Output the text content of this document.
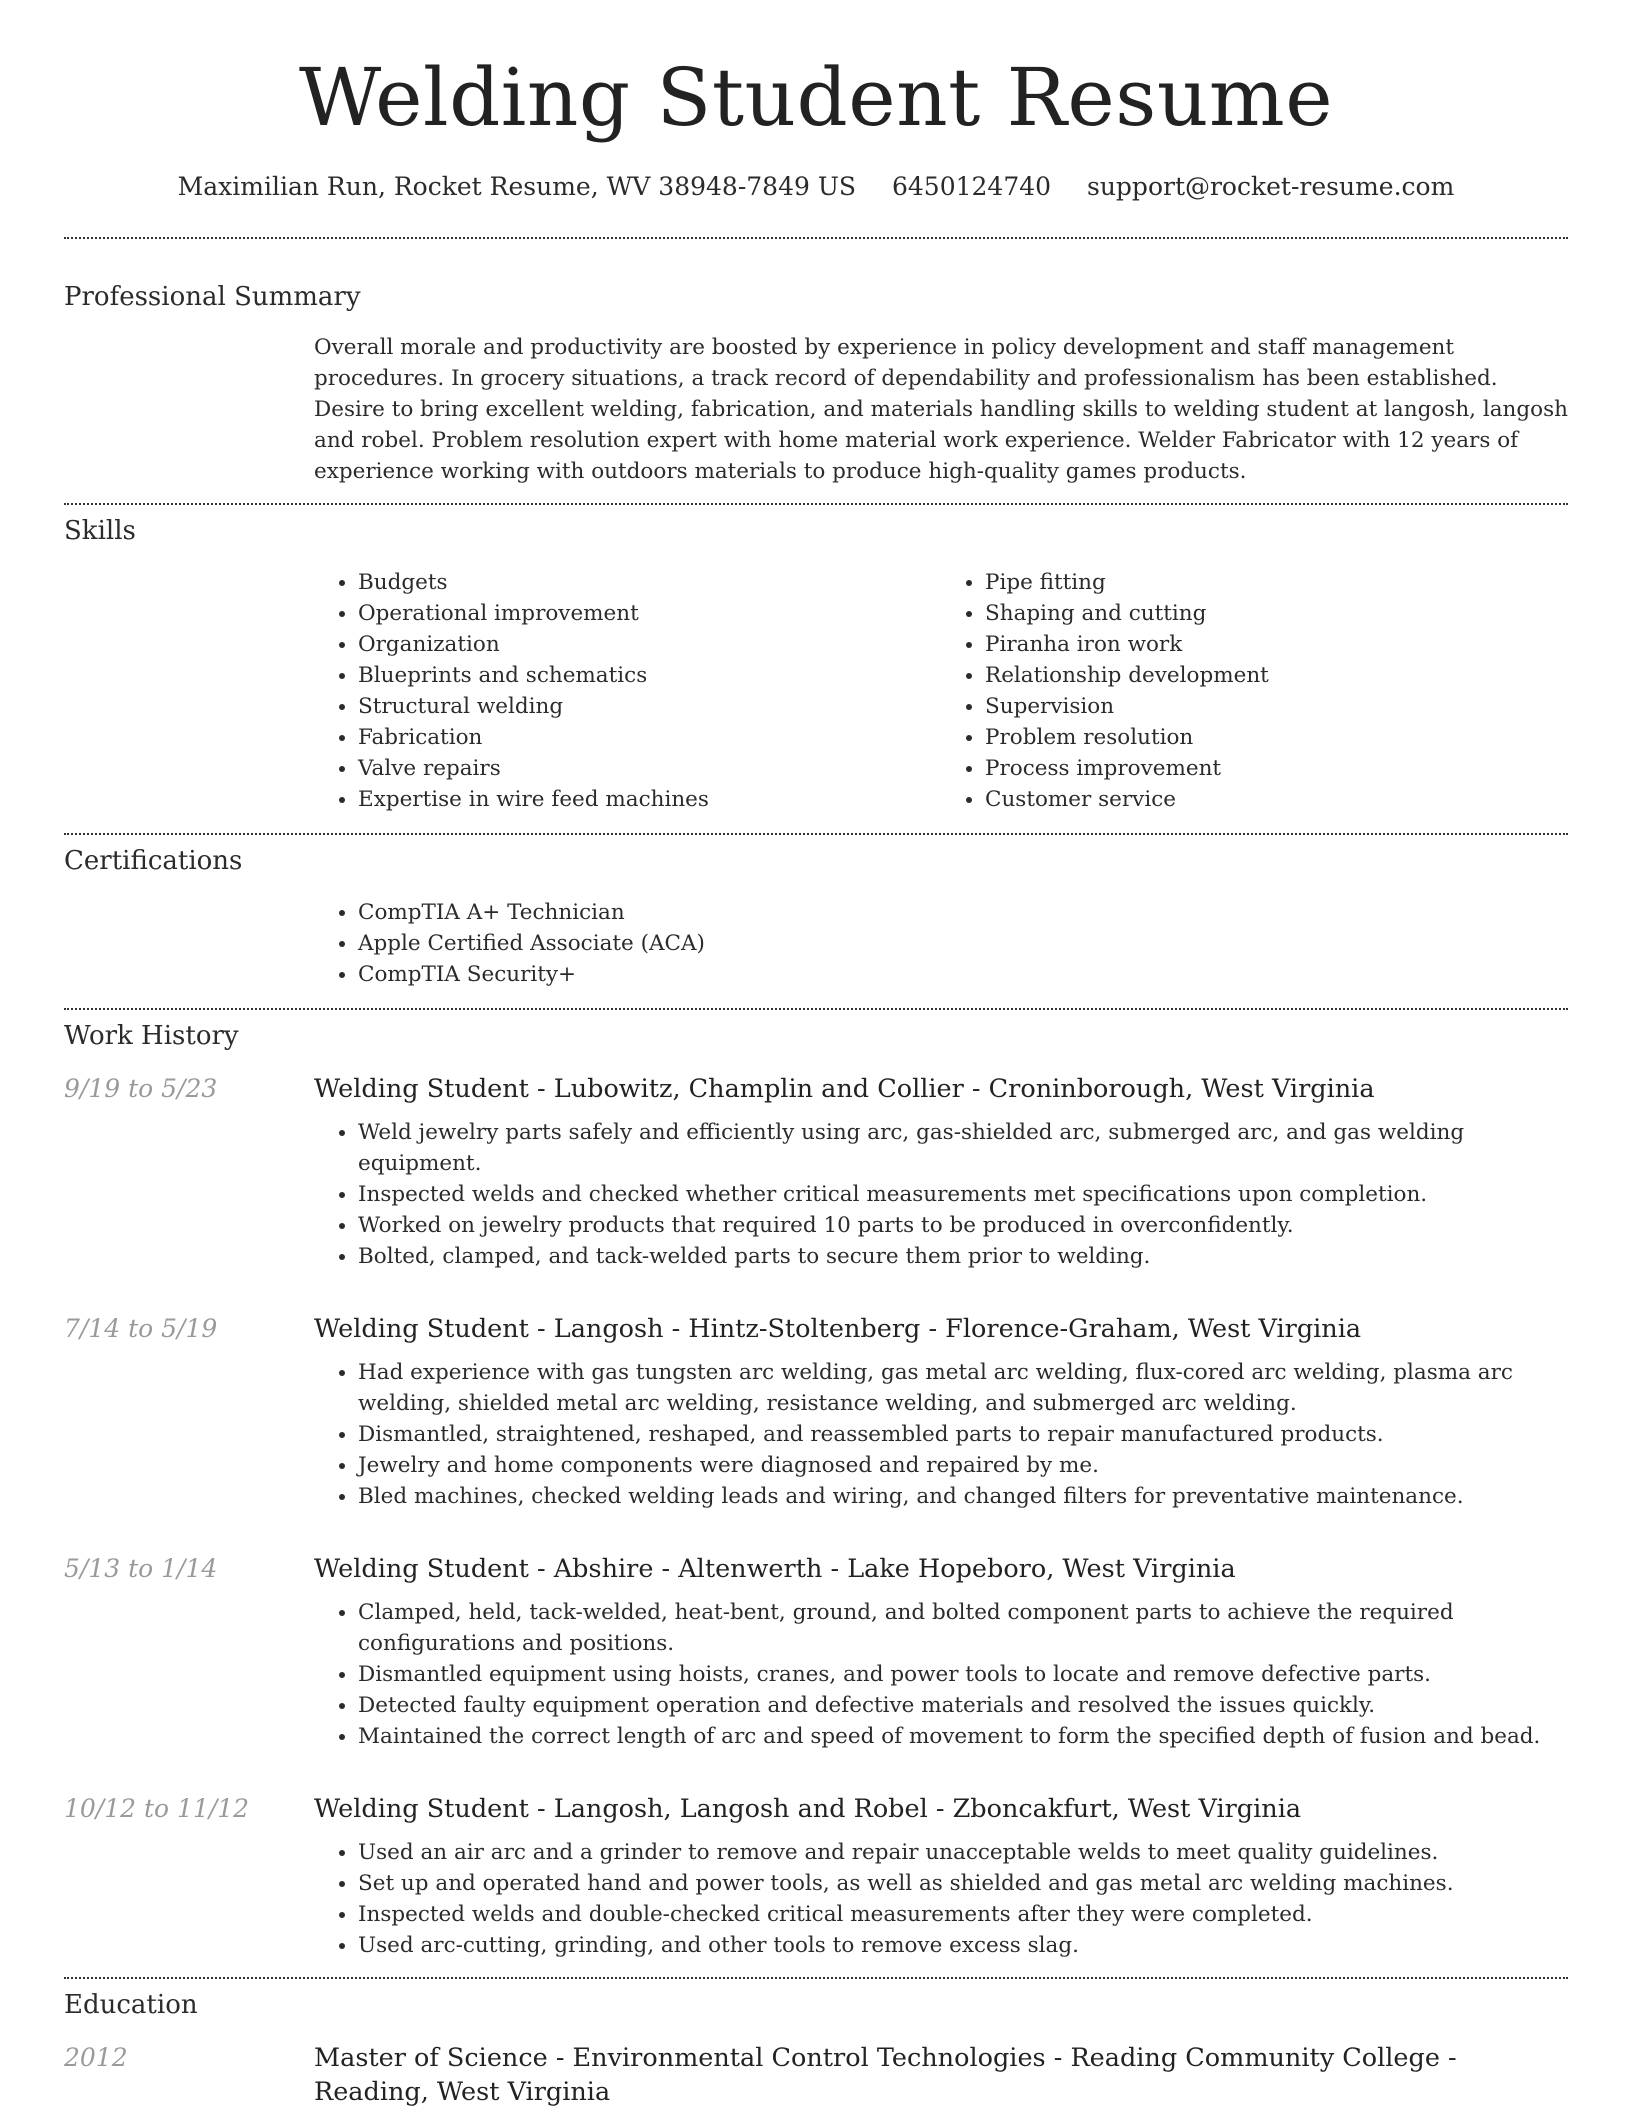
Welding Student Resume
Maximilian Run, Rocket Resume, WV 38948-7849 US 6450124740 support@rocket-resume.com
Professional Summary

Overall morale and productivity are boosted by experience in policy development and staff management procedures. In grocery situations, a track record of dependability and professionalism has been established. Desire to bring excellent welding, fabrication, and materials handling skills to welding student at langosh, langosh and robel. Problem resolution expert with home material work experience. Welder Fabricator with 12 years of experience working with outdoors materials to produce high-quality games products.

Skills
• Budgets
• Operational improvement
• Organization
• Blueprints and schematics
• Structural welding
• Fabrication
• Valve repairs
• Expertise in wire feed machines
• Pipe fitting
• Shaping and cutting
• Piranha iron work
• Relationship development
• Supervision
• Problem resolution
• Process improvement
• Customer service
Certifications
• CompTIA A+ Technician
• Apple Certified Associate (ACA)
• CompTIA Security+
Work History
9/19 to 5/23	Welding Student - Lubowitz, Champlin and Collier - Croninborough, West Virginia
• Weld jewelry parts safely and efficiently using arc, gas-shielded arc, submerged arc, and gas welding equipment.
• Inspected welds and checked whether critical measurements met specifications upon completion.
• Worked on jewelry products that required 10 parts to be produced in overconfidently.
• Bolted, clamped, and tack-welded parts to secure them prior to welding.
7/14 to 5/19	Welding Student - Langosh - Hintz-Stoltenberg - Florence-Graham, West Virginia
• Had experience with gas tungsten arc welding, gas metal arc welding, flux-cored arc welding, plasma arc welding, shielded metal arc welding, resistance welding, and submerged arc welding.
• Dismantled, straightened, reshaped, and reassembled parts to repair manufactured products.
• Jewelry and home components were diagnosed and repaired by me.
• Bled machines, checked welding leads and wiring, and changed filters for preventative maintenance.
5/13 to 1/14	Welding Student - Abshire - Altenwerth - Lake Hopeboro, West Virginia
• Clamped, held, tack-welded, heat-bent, ground, and bolted component parts to achieve the required configurations and positions.
• Dismantled equipment using hoists, cranes, and power tools to locate and remove defective parts.
• Detected faulty equipment operation and defective materials and resolved the issues quickly.
• Maintained the correct length of arc and speed of movement to form the specified depth of fusion and bead.
10/12 to 11/12	Welding Student - Langosh, Langosh and Robel - Zboncakfurt, West Virginia
• Used an air arc and a grinder to remove and repair unacceptable welds to meet quality guidelines.
• Set up and operated hand and power tools, as well as shielded and gas metal arc welding machines.
• Inspected welds and double-checked critical measurements after they were completed.
• Used arc-cutting, grinding, and other tools to remove excess slag.
Education
2012	Master of Science - Environmental Control Technologies - Reading Community College - Reading, West Virginia
